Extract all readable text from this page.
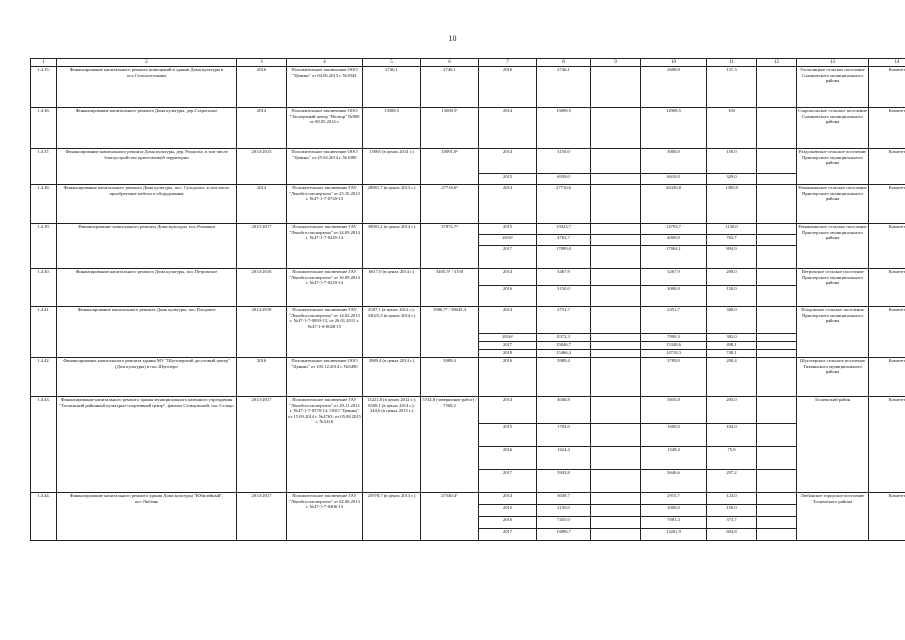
10
1	2	3	4	5	6	7	8	9	10	11	12	13	14
1.4.35.	Финансирование капитального ремонта помещений в здании Дома культуры в пос.Сельхозтехника	2016	Положительное заключение ООО "Ценико" от 04.06.2013 г. №3943	2746,1	2746,1	2016	2746,1		2608,8	137,3		Гостилицкое сельское поселение Сланцевского муниципального района	Комитет
1.4.36.	Финансирование капитального ремонта Дома культуры, дер.Старополье	2014	Положительное заключение ООО "Экспертный центр "Нелеор" №809 от 08.05.2014 г.	13008,5	13008,5¹	2014	13008,5		12908,5	100		Старопольское сельское поселение Сланцевского муниципального района	Комитет
1.4.37.	Финансирование капитального ремонта Дома культуры, дер. Раздолье, в том числе благоустройство прилегающей территории	2014-2015	Положительное заключение ООО "Ценико" от 25.04.2014 г. №1080	15065 (в ценах 2014 г.)	10091,0²	2014	3150,0		3000,0	150,0		Раздольевское сельское поселение Приозерского муниципального района	Комитет
						2015	6939,0		6610,0	329,0			
1.4.38.	Финансирование капитального ремонта Дома культуры, пос. Суходолье, в том числе приобретение мебели и оборудования	2014	Положительное заключение ГАУ "Ленобгосэкспертиза" от 25.10.2013 г. №47-1-7-0720-13	28981,7 (в ценах 2013 г.)	27716,6³	2014	27716,6		26330,8	1385,8		Ромашкинское сельское поселение Приозерского муниципального района	Комитет
1.4.39.	Финансирование капитального ремонта Дома культуры, пос.Ромашки	2015-2017	Положительное заключение ГАУ "Ленобгосэкспертиза" от 24.09.2014 г. №47-1-7-0245-14	39081,2 (в ценах 2014 г.)	37872,7⁴	2015	15923,7		14793,7	1130,0		Ромашкинское сельское поселение Приозерского муниципального района	Комитет
						2016¹	4763,7		4000,0	763,7			
						2017	17899,0		17004,1	894,9			
1.4.40.	Финансирование капитального ремонта Дома культуры, пос.Петровское	2014-2016	Положительное заключение ГАУ "Ленобгосэкспертиза" от 16.09.2014 г. №47-1-7-0229-14	6617,0 (в ценах 2014 г.)	3405,5⁵ / 3150	2014	3467,9		3267,9	200,0		Петровское сельское поселение Приозерского муниципального района	Комитет
						2016	3150,0		3000,0	150,0			
1.4.41.	Финансирование капитального ремонта Дома культуры, пос.Плодовое	2014-2018	Положительное заключение ГАУ "Ленобгосэкспертиза" от 14.02.2013 г. №47-1-7-0093-13, от 26.01.2015 г. №47-1-8-0028-15	4507,1 (в ценах 2012 г.); 33025,3 (в ценах 2014 г.)	1986,7⁶ / 39645,4	2014	2751,7		2451,7	300,0		Плодовское сельское поселение Приозерского муниципального района	Комитет
						2016²	8372,3		7990,3	382,0			
						2017	15846,7		15348,6	498,1			
						2018	15466,4		14718,3	748,1			
1.4.42.	Финансирование капитального ремонта здания МУ "Шугозерский досуговый центр" (Дом культуры) в пос.Шугозеро	2016	Положительное заключение ООО "Ценико" от 105.12.2014 г. №6490	3989,4 (в ценах 2014 г.)	3989,4	2016	3989,4		3789,0	200,4		Шугозерское сельское поселение Тихвинского муниципального района	Комитет
1.4.43.	Финансирование капитального ремонта здания муниципального казенного учреждения "Тосненский районный культурно-спортивный центр", филиал Сельцовский, пос.Сельцо	2013-2017	Положительное заключение ГАУ "Ленобгосэкспертиза" от 29.11.2012 г. №47-1-7-0570-12; ООО "Ценико" от 15.09.2014 г. №4763; от 05.08.2015 г. №5418	13221,8 (в ценах 2012 г.); 6500,1 (в ценах 2014 г.); 344,0 (в ценах 2015 г.)	5744,8 (завершение работ) / 7568,2	2014	4040,8		3835,8	205,0		Тосненский район	Комитет
						2015	1704,0		1600,0	104,0			
						2016	1624,4		1549,4	75,0			
						2017	5943,8		5646,6	297,2			
1.4.44.	Финансирование капитального ремонта здания Дома культуры "Юбилейный", пос.Любань	2014-2017	Положительное заключение ГАУ "Ленобгосэкспертиза" от 02.06.2013 г. №47-1-7-0406-13	25978,7 (в ценах 2013 г.)	27540,4⁷	2014	3038,7		2915,7	123,0		Любанское городское поселение Тосненского района	Комитет
						2015	3150,0		3000,0	150,0			
						2016	7455,0		7081,3	373,7			
						2017	13896,7		13201,9	694,8			
